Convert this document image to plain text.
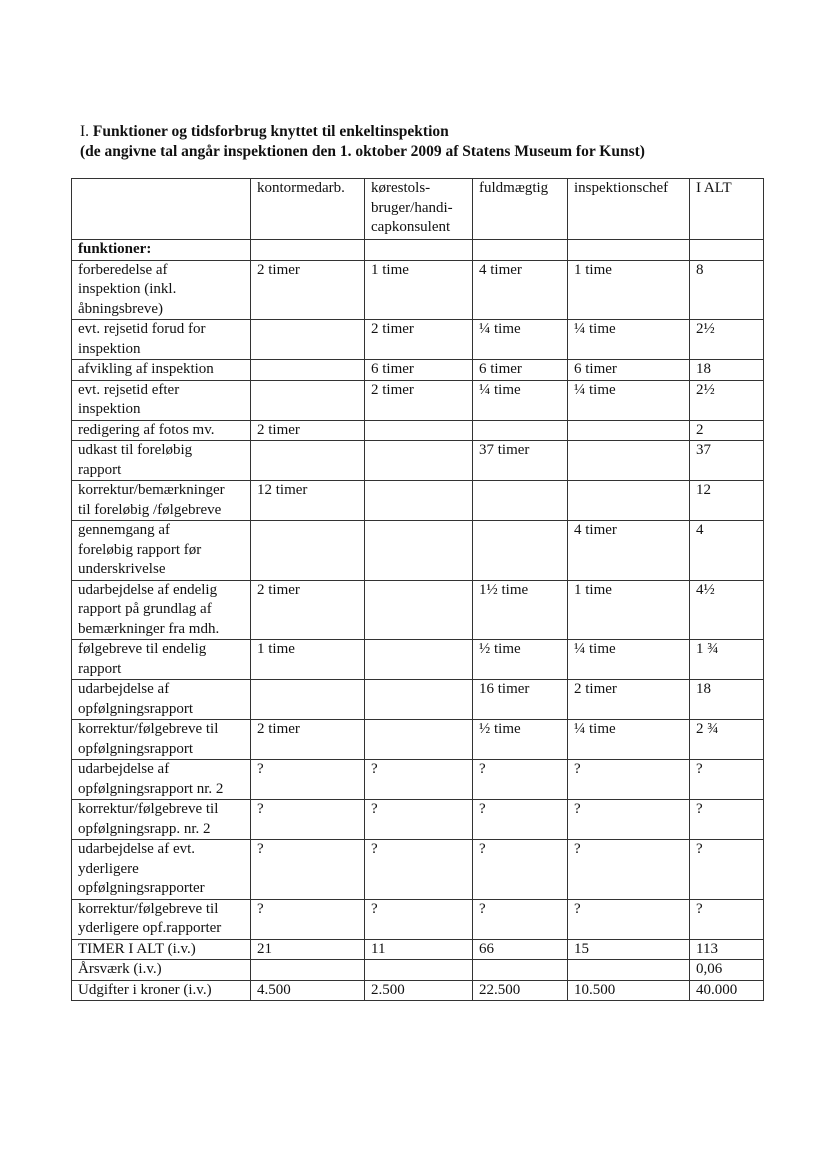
I. Funktioner og tidsforbrug knyttet til enkeltinspektion
(de angivne tal angår inspektionen den 1. oktober 2009 af Statens Museum for Kunst)

	kontormedarb.	kørestols-
bruger/handi-
capkonsulent	fuldmægtig	inspektionschef	I ALT

funktioner:					

forberedelse af
inspektion (inkl.
åbningsbreve)	2 timer	1 time	4 timer	1 time	8

evt. rejsetid forud for
inspektion		2 timer	¼ time	¼ time	2½

afvikling af inspektion		6 timer	6 timer	6 timer	18

evt. rejsetid efter
inspektion		2 timer	¼ time	¼ time	2½

redigering af fotos mv.	2 timer				2

udkast til foreløbig
rapport			37 timer		37

korrektur/bemærkninger
til foreløbig /følgebreve	12 timer				12

gennemgang af
foreløbig rapport før
underskrivelse				4 timer	4

udarbejdelse af endelig
rapport på grundlag af
bemærkninger fra mdh.	2 timer		1½ time	1 time	4½

følgebreve til endelig
rapport	1 time		½ time	¼ time	1 ¾

udarbejdelse af
opfølgningsrapport			16 timer	2 timer	18

korrektur/følgebreve til
opfølgningsrapport	2 timer		½ time	¼ time	2 ¾

udarbejdelse af
opfølgningsrapport nr. 2	?	?	?	?	?

korrektur/følgebreve til
opfølgningsrapp. nr. 2	?	?	?	?	?

udarbejdelse af evt.
yderligere
opfølgningsrapporter	?	?	?	?	?

korrektur/følgebreve til
yderligere opf.rapporter	?	?	?	?	?

TIMER I ALT (i.v.)	21	11	66	15	113

Årsværk (i.v.)					0,06

Udgifter i kroner (i.v.)	4.500	2.500	22.500	10.500	40.000
